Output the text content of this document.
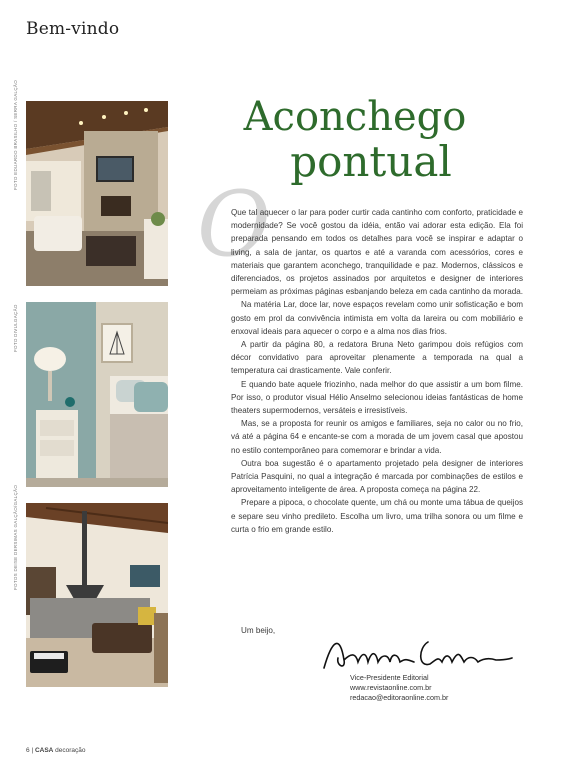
Bem-vindo
FOTO EDUARDO BRASILHO / SERRA GALÇÃO
FOTO DIVULGAÇÃO
FOTOS DEISE DERSIMAS GALÇÃO/GALÇÃO
Aconchego
pontual
O

Que tal aquecer o lar para poder curtir cada cantinho com conforto, praticidade e modernidade? Se você gostou da idéia, então vai adorar esta edição. Ela foi preparada pensando em todos os detalhes para você se inspirar e adaptar o living, a sala de jantar, os quartos e até a varanda com acessórios, cores e materiais que garantem aconchego, tranquilidade e paz. Modernos, clássicos e diferenciados, os projetos assinados por arquitetos e designer de interiores permeiam as próximas páginas esbanjando beleza em cada cantinho da morada.

Na matéria Lar, doce lar, nove espaços revelam como unir sofisticação e bom gosto em prol da convivência intimista em volta da lareira ou com mobiliário e enxoval ideais para aquecer o corpo e a alma nos dias frios.

A partir da página 80, a redatora Bruna Neto garimpou dois refúgios com décor convidativo para aproveitar plenamente a temporada na qual a temperatura cai drasticamente. Vale conferir.

E quando bate aquele friozinho, nada melhor do que assistir a um bom filme. Por isso, o produtor visual Hélio Anselmo selecionou ideias fantásticas de home theaters supermodernos, versáteis e irresistíveis.

Mas, se a proposta for reunir os amigos e familiares, seja no calor ou no frio, vá até a página 64 e encante-se com a morada de um jovem casal que apostou no estilo contemporâneo para comemorar e brindar a vida.

Outra boa sugestão é o apartamento projetado pela designer de interiores Patrícia Pasquini, no qual a integração é marcada por combinações de estilos e aproveitamento inteligente de área. A proposta começa na página 22.

Prepare a pipoca, o chocolate quente, um chá ou monte uma tábua de queijos e separe seu vinho predileto. Escolha um livro, uma trilha sonora ou um filme e curta o frio em grande estilo.

Um beijo,
Vice-Presidente Editorial
www.revistaonline.com.br
redacao@editoraonline.com.br
6 | CASA decoração
